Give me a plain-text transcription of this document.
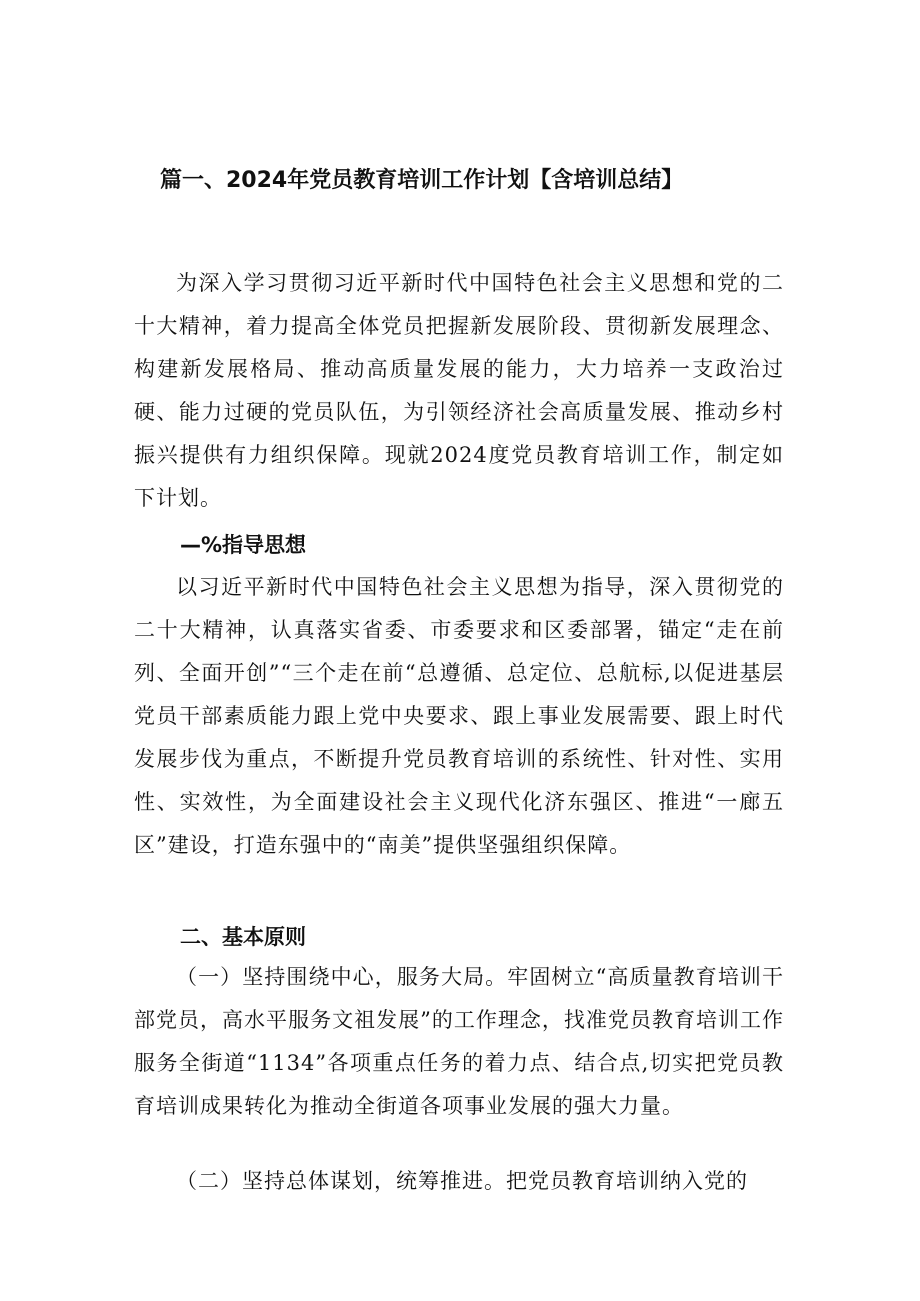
篇一、2024年党员教育培训工作计划【含培训总结】

为深入学习贯彻习近平新时代中国特色社会主义思想和党的二十大精神，着力提高全体党员把握新发展阶段、贯彻新发展理念、构建新发展格局、推动高质量发展的能力，大力培养一支政治过硬、能力过硬的党员队伍，为引领经济社会高质量发展、推动乡村振兴提供有力组织保障。现就2024度党员教育培训工作，制定如下计划。

—%指导思想

以习近平新时代中国特色社会主义思想为指导，深入贯彻党的二十大精神，认真落实省委、市委要求和区委部署，锚定“走在前列、全面开创”“三个走在前“总遵循、总定位、总航标,以促进基层党员干部素质能力跟上党中央要求、跟上事业发展需要、跟上时代发展步伐为重点，不断提升党员教育培训的系统性、针对性、实用性、实效性，为全面建设社会主义现代化济东强区、推进“一廊五区”建设，打造东强中的“南美”提供坚强组织保障。

二、基本原则

（一）坚持围绕中心，服务大局。牢固树立“高质量教育培训干部党员，高水平服务文祖发展”的工作理念，找准党员教育培训工作服务全街道“1134”各项重点任务的着力点、结合点,切实把党员教育培训成果转化为推动全街道各项事业发展的强大力量。

（二）坚持总体谋划，统筹推进。把党员教育培训纳入党的
